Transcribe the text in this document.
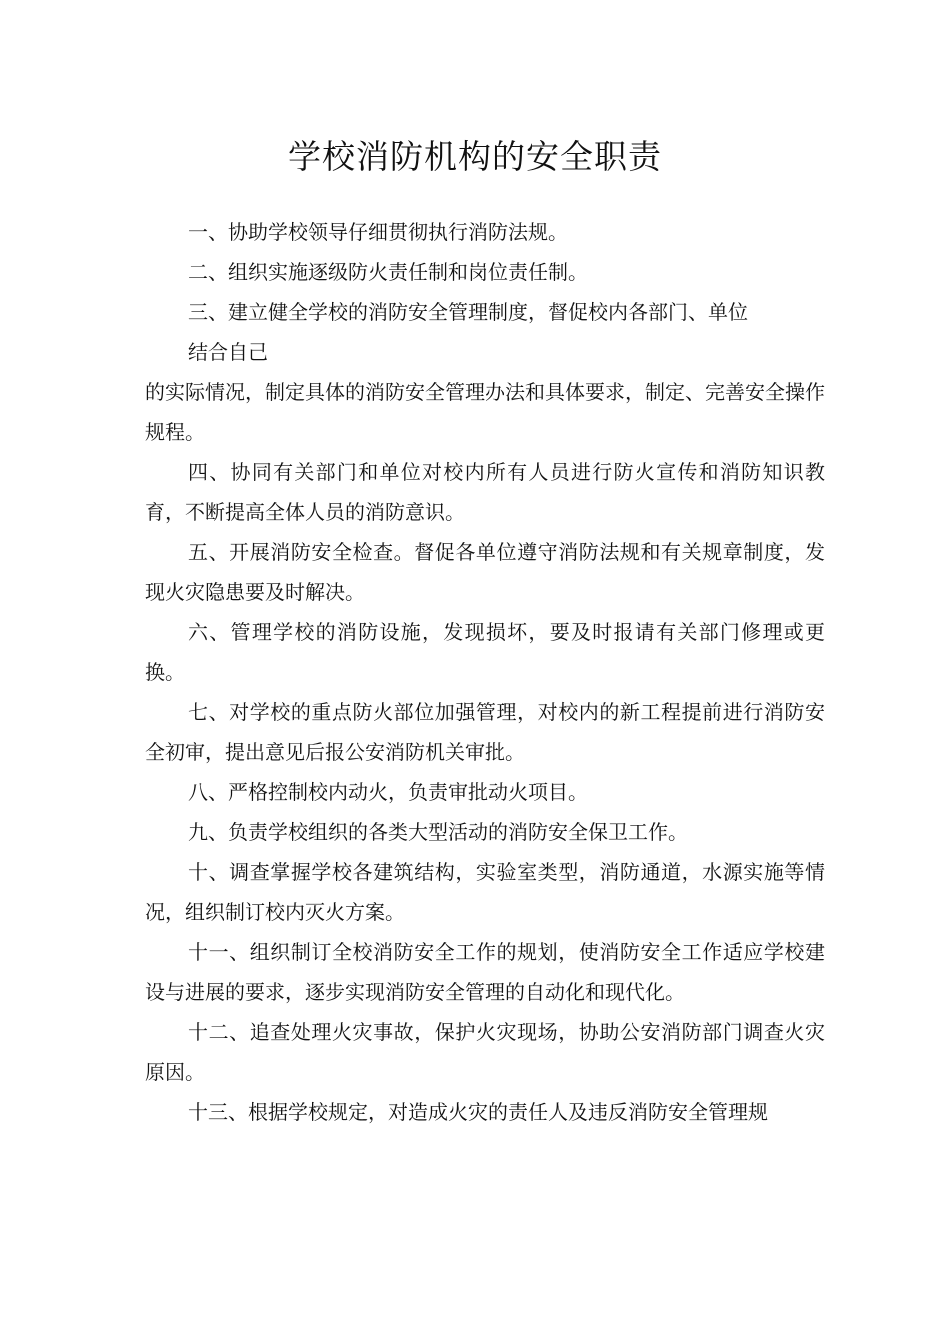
学校消防机构的安全职责

一、协助学校领导仔细贯彻执行消防法规。

二、组织实施逐级防火责任制和岗位责任制。

三、建立健全学校的消防安全管理制度，督促校内各部门、单位

结合自己

的实际情况，制定具体的消防安全管理办法和具体要求，制定、完善安全操作规程。

四、协同有关部门和单位对校内所有人员进行防火宣传和消防知识教育，不断提高全体人员的消防意识。

五、开展消防安全检查。督促各单位遵守消防法规和有关规章制度，发现火灾隐患要及时解决。

六、管理学校的消防设施，发现损坏，要及时报请有关部门修理或更换。

七、对学校的重点防火部位加强管理，对校内的新工程提前进行消防安全初审，提出意见后报公安消防机关审批。

八、严格控制校内动火，负责审批动火项目。

九、负责学校组织的各类大型活动的消防安全保卫工作。

十、调查掌握学校各建筑结构，实验室类型，消防通道，水源实施等情况，组织制订校内灭火方案。

十一、组织制订全校消防安全工作的规划，使消防安全工作适应学校建设与进展的要求，逐步实现消防安全管理的自动化和现代化。

十二、追查处理火灾事故，保护火灾现场，协助公安消防部门调查火灾原因。

十三、根据学校规定，对造成火灾的责任人及违反消防安全管理规
